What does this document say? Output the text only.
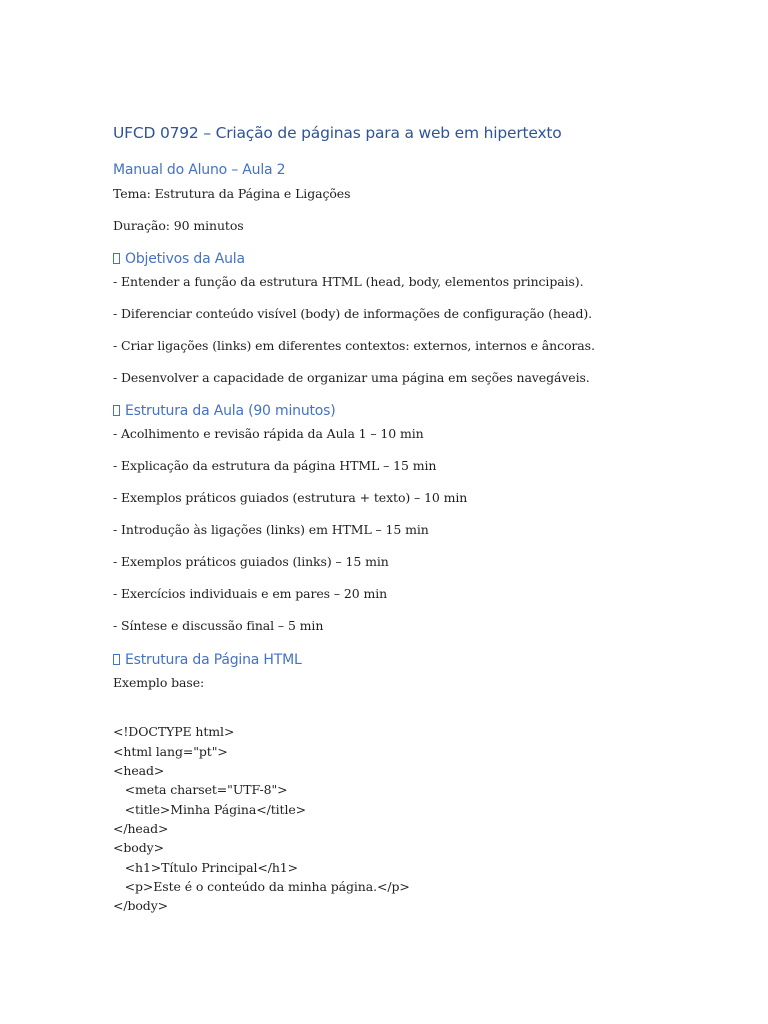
UFCD 0792 – Criação de páginas para a web em hipertexto
Manual do Aluno – Aula 2
Tema: Estrutura da Página e Ligações
Duração: 90 minutos
Objetivos da Aula
- Entender a função da estrutura HTML (head, body, elementos principais).
- Diferenciar conteúdo visível (body) de informações de configuração (head).
- Criar ligações (links) em diferentes contextos: externos, internos e âncoras.
- Desenvolver a capacidade de organizar uma página em seções navegáveis.
Estrutura da Aula (90 minutos)
- Acolhimento e revisão rápida da Aula 1 – 10 min
- Explicação da estrutura da página HTML – 15 min
- Exemplos práticos guiados (estrutura + texto) – 10 min
- Introdução às ligações (links) em HTML – 15 min
- Exemplos práticos guiados (links) – 15 min
- Exercícios individuais e em pares – 20 min
- Síntese e discussão final – 5 min
Estrutura da Página HTML
Exemplo base:
<!DOCTYPE html>
<html lang="pt">
<head>
<meta charset="UTF-8">
<title>Minha Página</title>
</head>
<body>
<h1>Título Principal</h1>
<p>Este é o conteúdo da minha página.</p>
</body>
